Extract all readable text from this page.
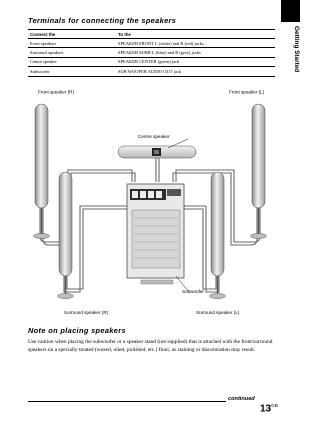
Getting Started
Terminals for connecting the speakers
Connect the	To the
Front speakers	SPEAKER FRONT L (white) and R (red) jacks
Surround speakers	SPEAKER SURR L (blue) and R (grey) jacks
Centre speaker	SPEAKER CENTER (green) jack
Subwoofer	SUB WOOFER AUDIO OUT jack
Front speaker (R)	Front speaker (L)
Centre speaker
Subwoofer
Surround speaker (R)	Surround speaker (L)
Note on placing speakers
Use caution when placing the subwoofer or a speaker stand (not supplied) that is attached with the front/surround speakers on a specially treated (waxed, oiled, polished, etc.) floor, as staining or discoloration may result.
continued
$13^{GB}$
